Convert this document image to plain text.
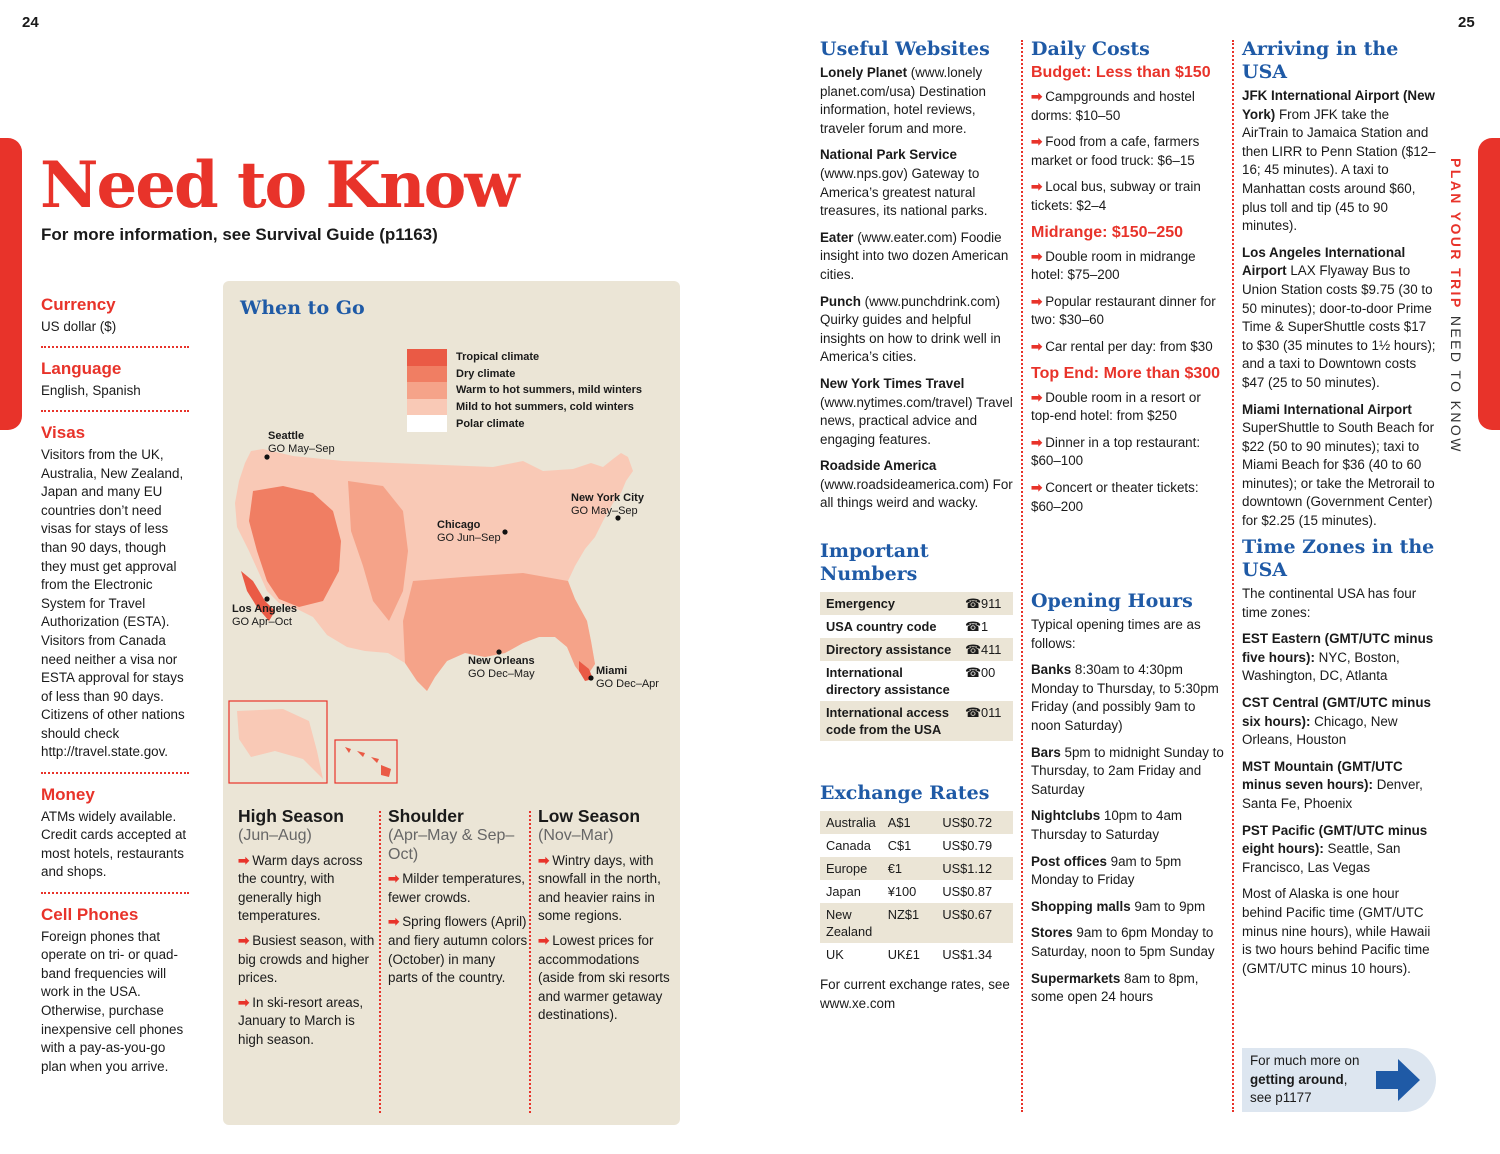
24	25
PLAN YOUR TRIP NEED TO KNOW
Need to Know
For more information, see Survival Guide (p1163)
Currency
US dollar ($)
Language
English, Spanish
Visas
Visitors from the UK, Australia, New Zealand, Japan and many EU countries don’t need visas for stays of less than 90 days, though they must get approval from the Electronic System for Travel Authorization (ESTA). Visitors from Canada need neither a visa nor ESTA approval for stays of less than 90 days. Citizens of other nations should check http://travel.state.gov.
Money
ATMs widely available. Credit cards accepted at most hotels, restaurants and shops.
Cell Phones
Foreign phones that operate on tri- or quad-band frequencies will work in the USA. Otherwise, purchase inexpensive cell phones with a pay-as-you-go plan when you arrive.
When to Go
Tropical climate
Dry climate
Warm to hot summers, mild winters
Mild to hot summers, cold winters
Polar climate
Seattle
GO May–Sep
New York City
GO May–Sep
Chicago
GO Jun–Sep
Los Angeles
GO Apr–Oct
New Orleans
GO Dec–May	Miami
GO Dec–Apr
High Season
(Jun–Aug)

➡ Warm days across the country, with generally high temperatures.

➡ Busiest season, with big crowds and higher prices.

➡ In ski-resort areas, January to March is high season.

Shoulder
(Apr–May & Sep–Oct)

➡ Milder temperatures, fewer crowds.

➡ Spring flowers (April) and fiery autumn colors (October) in many parts of the country.

Low Season
(Nov–Mar)

➡ Wintry days, with snowfall in the north, and heavier rains in some regions.

➡ Lowest prices for accommodations (aside from ski resorts and warmer getaway destinations).

Useful Websites

Lonely Planet (www.lonely planet.com/usa) Destination information, hotel reviews, traveler forum and more.

National Park Service (www.nps.gov) Gateway to America’s greatest natural treasures, its national parks.

Eater (www.eater.com) Foodie insight into two dozen American cities.

Punch (www.punchdrink.com) Quirky guides and helpful insights on how to drink well in America’s cities.

New York Times Travel (www.nytimes.com/travel) Travel news, practical advice and engaging features.

Roadside America (www.roadsideamerica.com) For all things weird and wacky.

Important
Numbers
Emergency	☎911
USA country code	☎1
Directory assistance	☎411
International directory assistance	☎00
International access code from the USA	☎011
Exchange Rates
Australia	A$1	US$0.72
Canada	C$1	US$0.79
Europe	€1	US$1.12
Japan	¥100	US$0.87
New Zealand	NZ$1	US$0.67
UK	UK£1	US$1.34

For current exchange rates, see www.xe.com

Daily Costs
Budget: Less than $150

➡ Campgrounds and hostel dorms: $10–50

➡ Food from a cafe, farmers market or food truck: $6–15

➡ Local bus, subway or train tickets: $2–4

Midrange: $150–250

➡ Double room in midrange hotel: $75–200

➡ Popular restaurant dinner for two: $30–60

➡ Car rental per day: from $30

Top End: More than $300

➡ Double room in a resort or top-end hotel: from $250

➡ Dinner in a top restaurant: $60–100

➡ Concert or theater tickets: $60–200

Opening Hours

Typical opening times are as follows:

Banks 8:30am to 4:30pm Monday to Thursday, to 5:30pm Friday (and possibly 9am to noon Saturday)

Bars 5pm to midnight Sunday to Thursday, to 2am Friday and Saturday

Nightclubs 10pm to 4am Thursday to Saturday

Post offices 9am to 5pm Monday to Friday

Shopping malls 9am to 9pm

Stores 9am to 6pm Monday to Saturday, noon to 5pm Sunday

Supermarkets 8am to 8pm, some open 24 hours

Arriving in the USA

JFK International Airport (New York) From JFK take the AirTrain to Jamaica Station and then LIRR to Penn Station ($12–16; 45 minutes). A taxi to Manhattan costs around $60, plus toll and tip (45 to 90 minutes).

Los Angeles International Airport LAX Flyaway Bus to Union Station costs $9.75 (30 to 50 minutes); door-to-door Prime Time & SuperShuttle costs $17 to $30 (35 minutes to 1½ hours); and a taxi to Downtown costs $47 (25 to 50 minutes).

Miami International Airport SuperShuttle to South Beach for $22 (50 to 90 minutes); taxi to Miami Beach for $36 (40 to 60 minutes); or take the Metrorail to downtown (Government Center) for $2.25 (15 minutes).

Time Zones in the USA

The continental USA has four time zones:

EST Eastern (GMT/UTC minus five hours): NYC, Boston, Washington, DC, Atlanta

CST Central (GMT/UTC minus six hours): Chicago, New Orleans, Houston

MST Mountain (GMT/UTC minus seven hours): Denver, Santa Fe, Phoenix

PST Pacific (GMT/UTC minus eight hours): Seattle, San Francisco, Las Vegas

Most of Alaska is one hour behind Pacific time (GMT/UTC minus nine hours), while Hawaii is two hours behind Pacific time (GMT/UTC minus 10 hours).

For much more on getting around, see p1177
